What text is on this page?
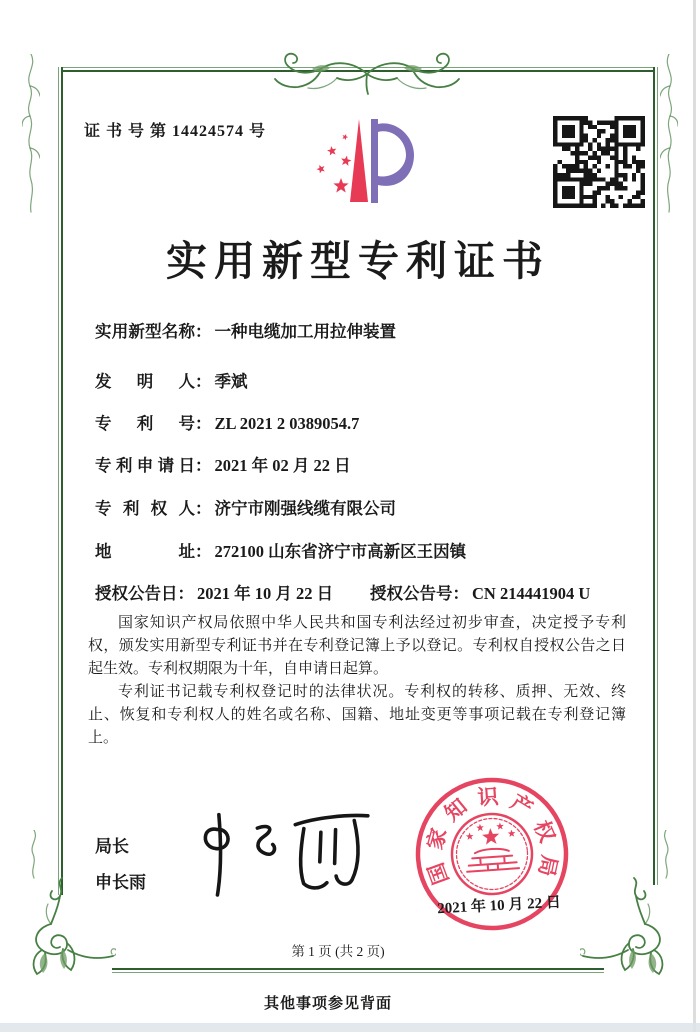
证 书 号 第 14424574 号
实用新型专利证书
实用新型名称： 一种电缆加工用拉伸装置
发明人： 季斌
专利号： ZL 2021 2 0389054.7
专利申请日： 2021 年 02 月 22 日
专利权人： 济宁市刚强线缆有限公司
地址： 272100 山东省济宁市高新区王因镇
授权公告日： 2021 年 10 月 22 日 授权公告号： CN 214441904 U

国家知识产权局依照中华人民共和国专利法经过初步审查，决定授予专利权，颁发实用新型专利证书并在专利登记簿上予以登记。专利权自授权公告之日起生效。专利权期限为十年，自申请日起算。

专利证书记载专利权登记时的法律状况。专利权的转移、质押、无效、终止、恢复和专利权人的姓名或名称、国籍、地址变更等事项记载在专利登记簿上。

局长
申长雨	国
家
知 识 产
权
局
2021 年 10 月 22 日
第 1 页 (共 2 页)
其他事项参见背面
